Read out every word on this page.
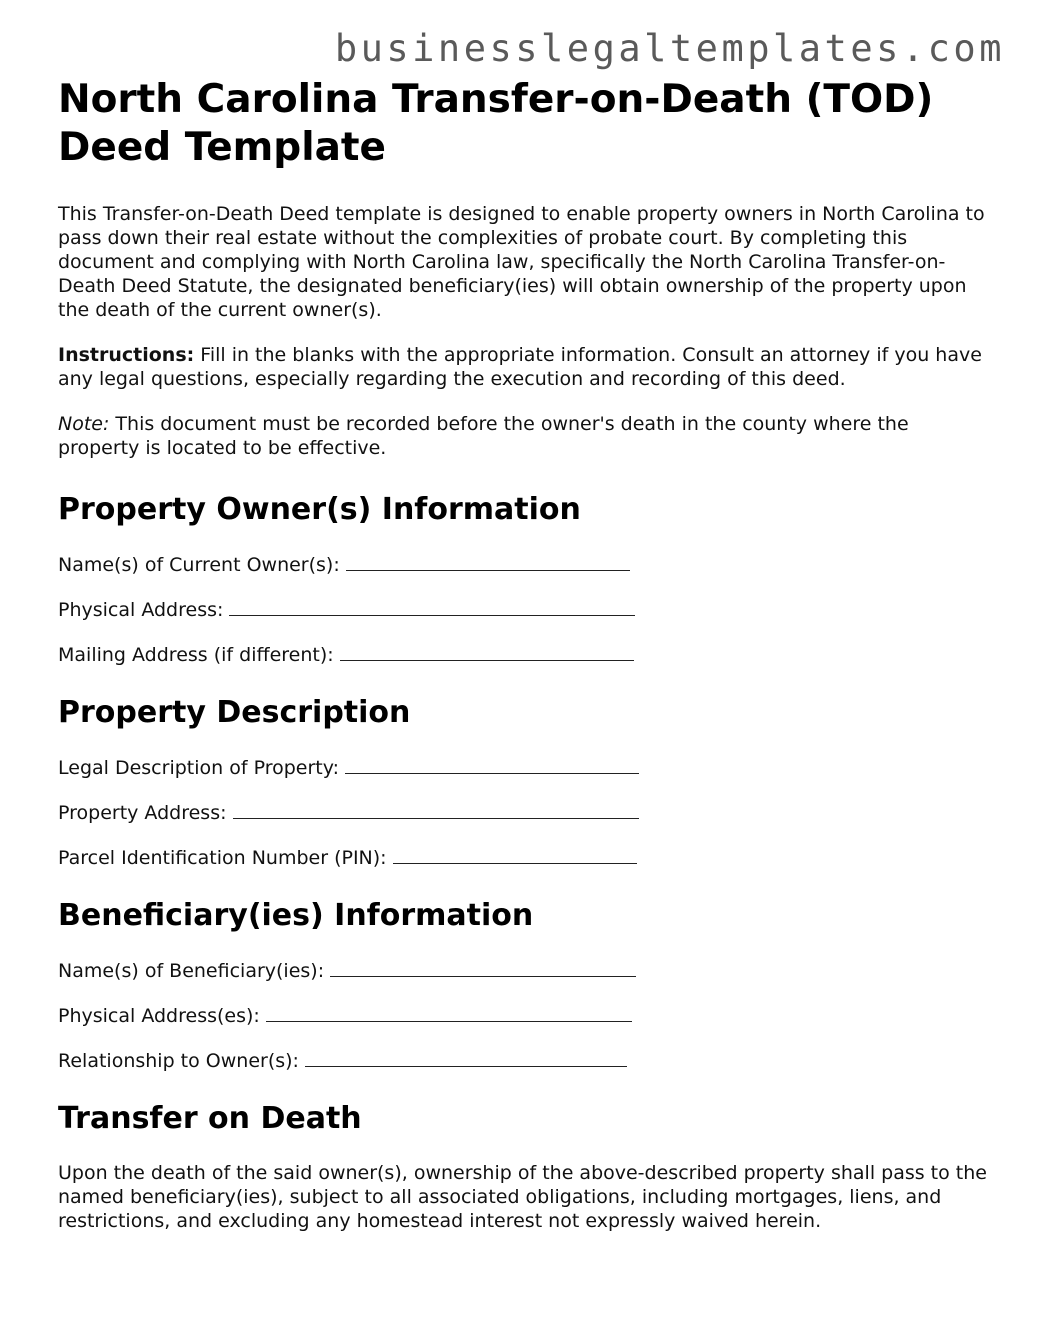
businesslegaltemplates.com
North Carolina Transfer-on-Death (TOD) Deed Template

This Transfer-on-Death Deed template is designed to enable property owners in North Carolina to pass down their real estate without the complexities of probate court. By completing this document and complying with North Carolina law, specifically the North Carolina Transfer-on-Death Deed Statute, the designated beneficiary(ies) will obtain ownership of the property upon the death of the current owner(s).

Instructions: Fill in the blanks with the appropriate information. Consult an attorney if you have any legal questions, especially regarding the execution and recording of this deed.

Note: This document must be recorded before the owner's death in the county where the property is located to be effective.

Property Owner(s) Information
Name(s) of Current Owner(s):
Physical Address:
Mailing Address (if different):
Property Description
Legal Description of Property:
Property Address:
Parcel Identification Number (PIN):
Beneficiary(ies) Information
Name(s) of Beneficiary(ies):
Physical Address(es):
Relationship to Owner(s):
Transfer on Death

Upon the death of the said owner(s), ownership of the above-described property shall pass to the named beneficiary(ies), subject to all associated obligations, including mortgages, liens, and restrictions, and excluding any homestead interest not expressly waived herein.
